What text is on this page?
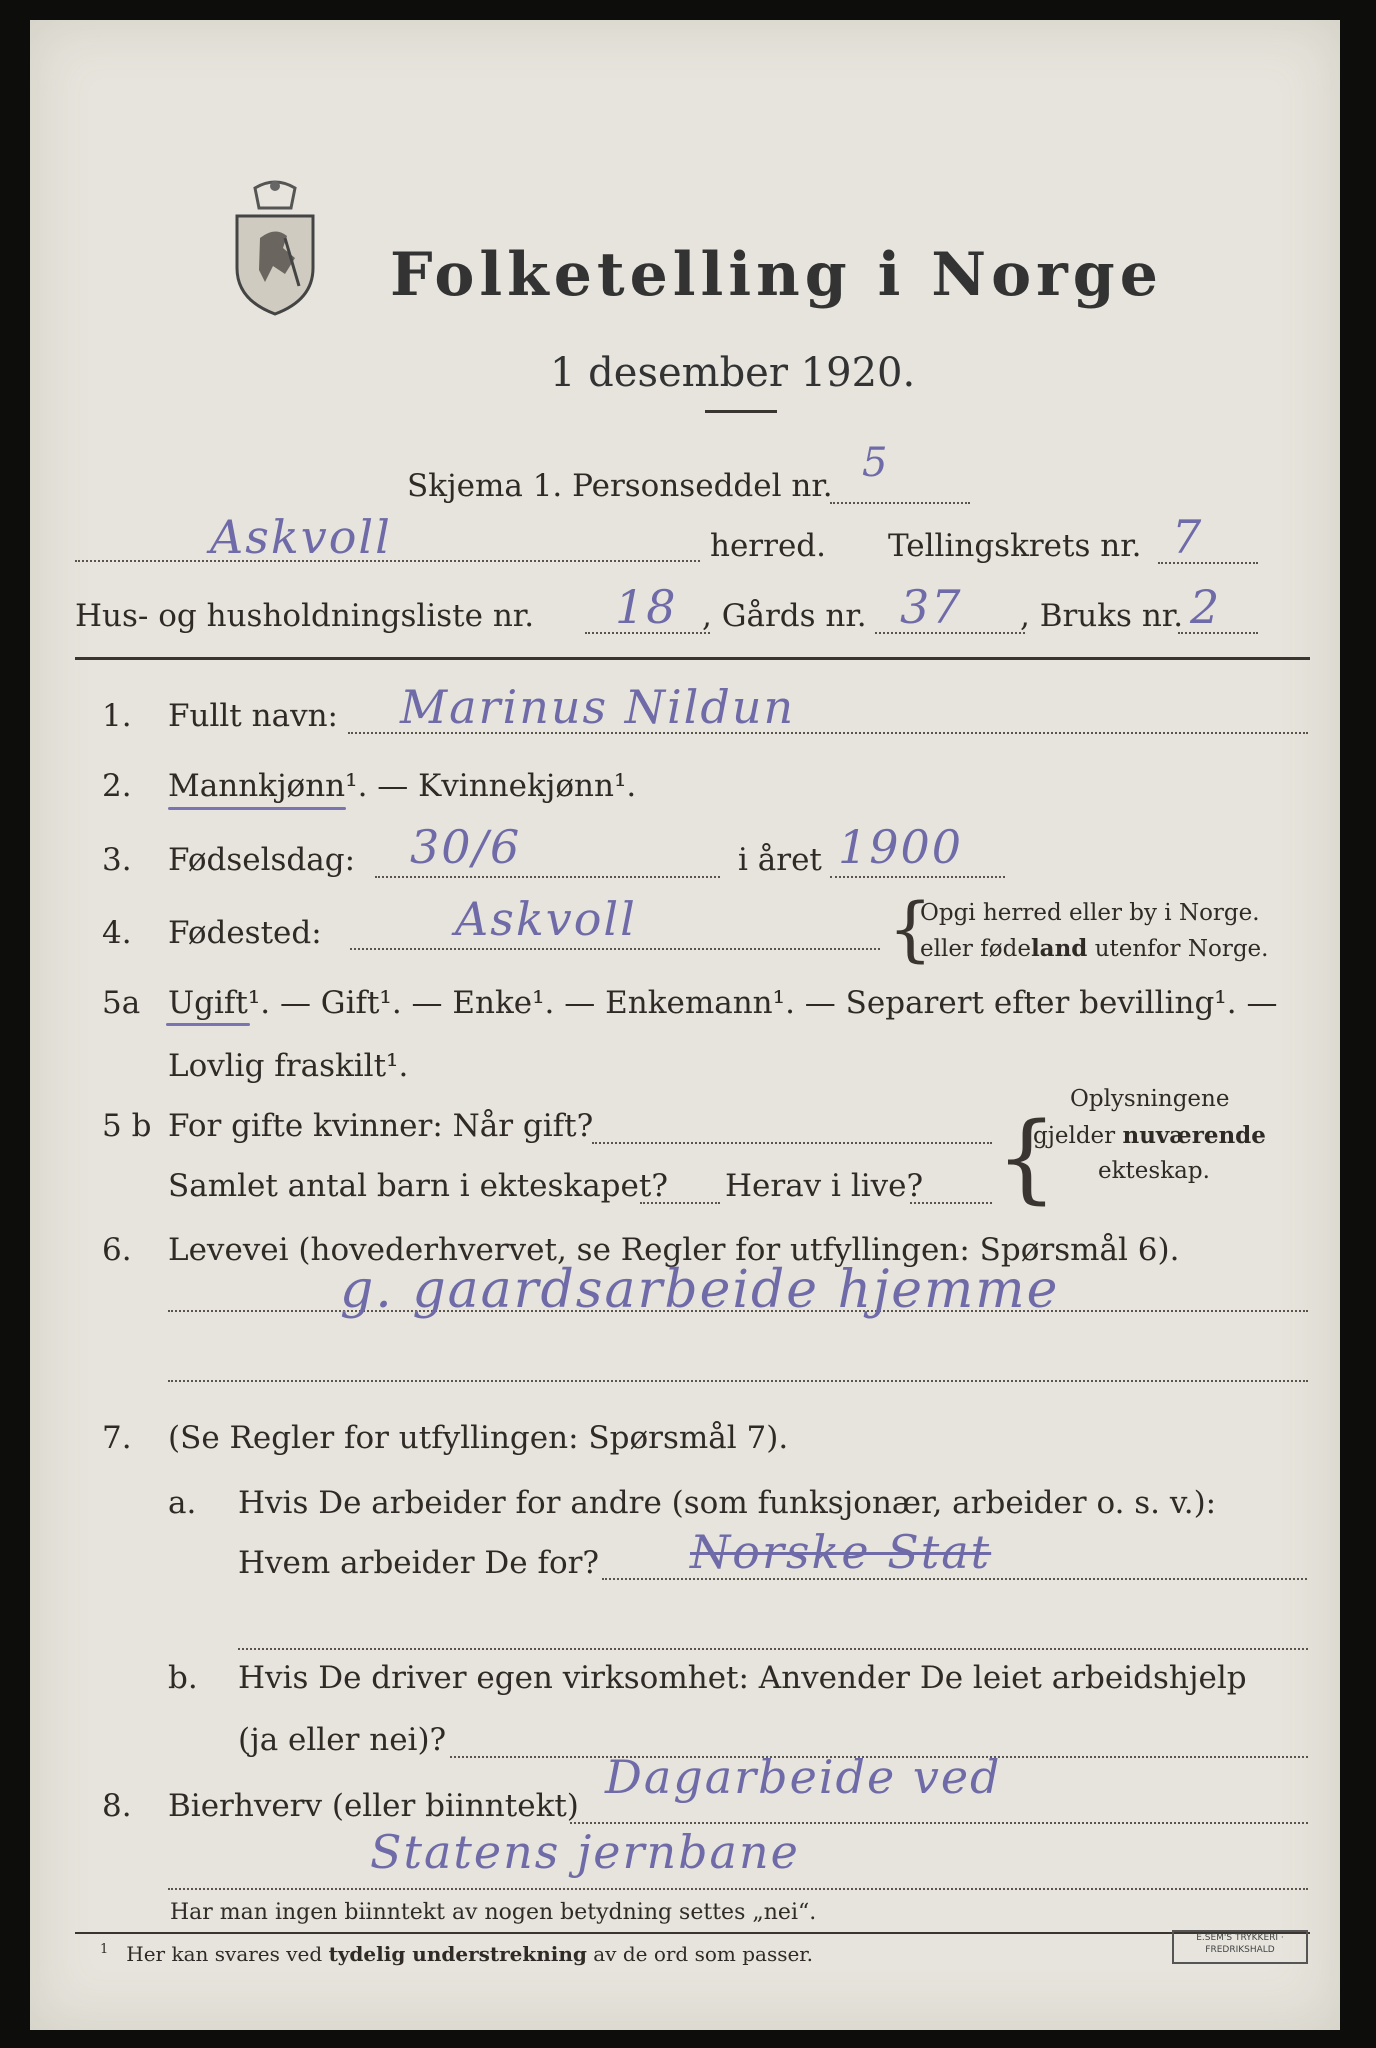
Folketelling i Norge
1 desember 1920.
Skjema 1. Personseddel nr. 5
Askvoll	herred. Tellingskrets nr. 7
Hus- og husholdningsliste nr. 18 , Gårds nr. 37 , Bruks nr. 2
1. Fullt navn: Marinus Nildun
2. Mannkjønn¹. — Kvinnekjønn¹.
3. Fødselsdag: 30/6	i året 1900
4. Fødested:	Askvoll	{
Opgi herred eller by i Norge.
eller fødeland utenfor Norge.
5a Ugift¹. — Gift¹. — Enke¹. — Enkemann¹. — Separert efter bevilling¹. —
Lovlig fraskilt¹.
5 b For gifte kvinner: Når gift?
Samlet antal barn i ekteskapet? Herav i live? {
Oplysningene
gjelder nuværende
ekteskap.
6. Levevei (hovederhvervet, se Regler for utfyllingen: Spørsmål 6).
g. gaardsarbeide hjemme
7. (Se Regler for utfyllingen: Spørsmål 7).
a. Hvis De arbeider for andre (som funksjonær, arbeider o. s. v.):
Hvem arbeider De for? Norske Stat
b. Hvis De driver egen virksomhet: Anvender De leiet arbeidshjelp
(ja eller nei)?
8. Bierhverv (eller biinntekt)
Dagarbeide ved
Statens jernbane
Har man ingen biinntekt av nogen betydning settes „nei“.
$^1$ Her kan svares ved tydelig understrekning av de ord som passer.
E.SEM'S TRYKKERI · FREDRIKSHALD
